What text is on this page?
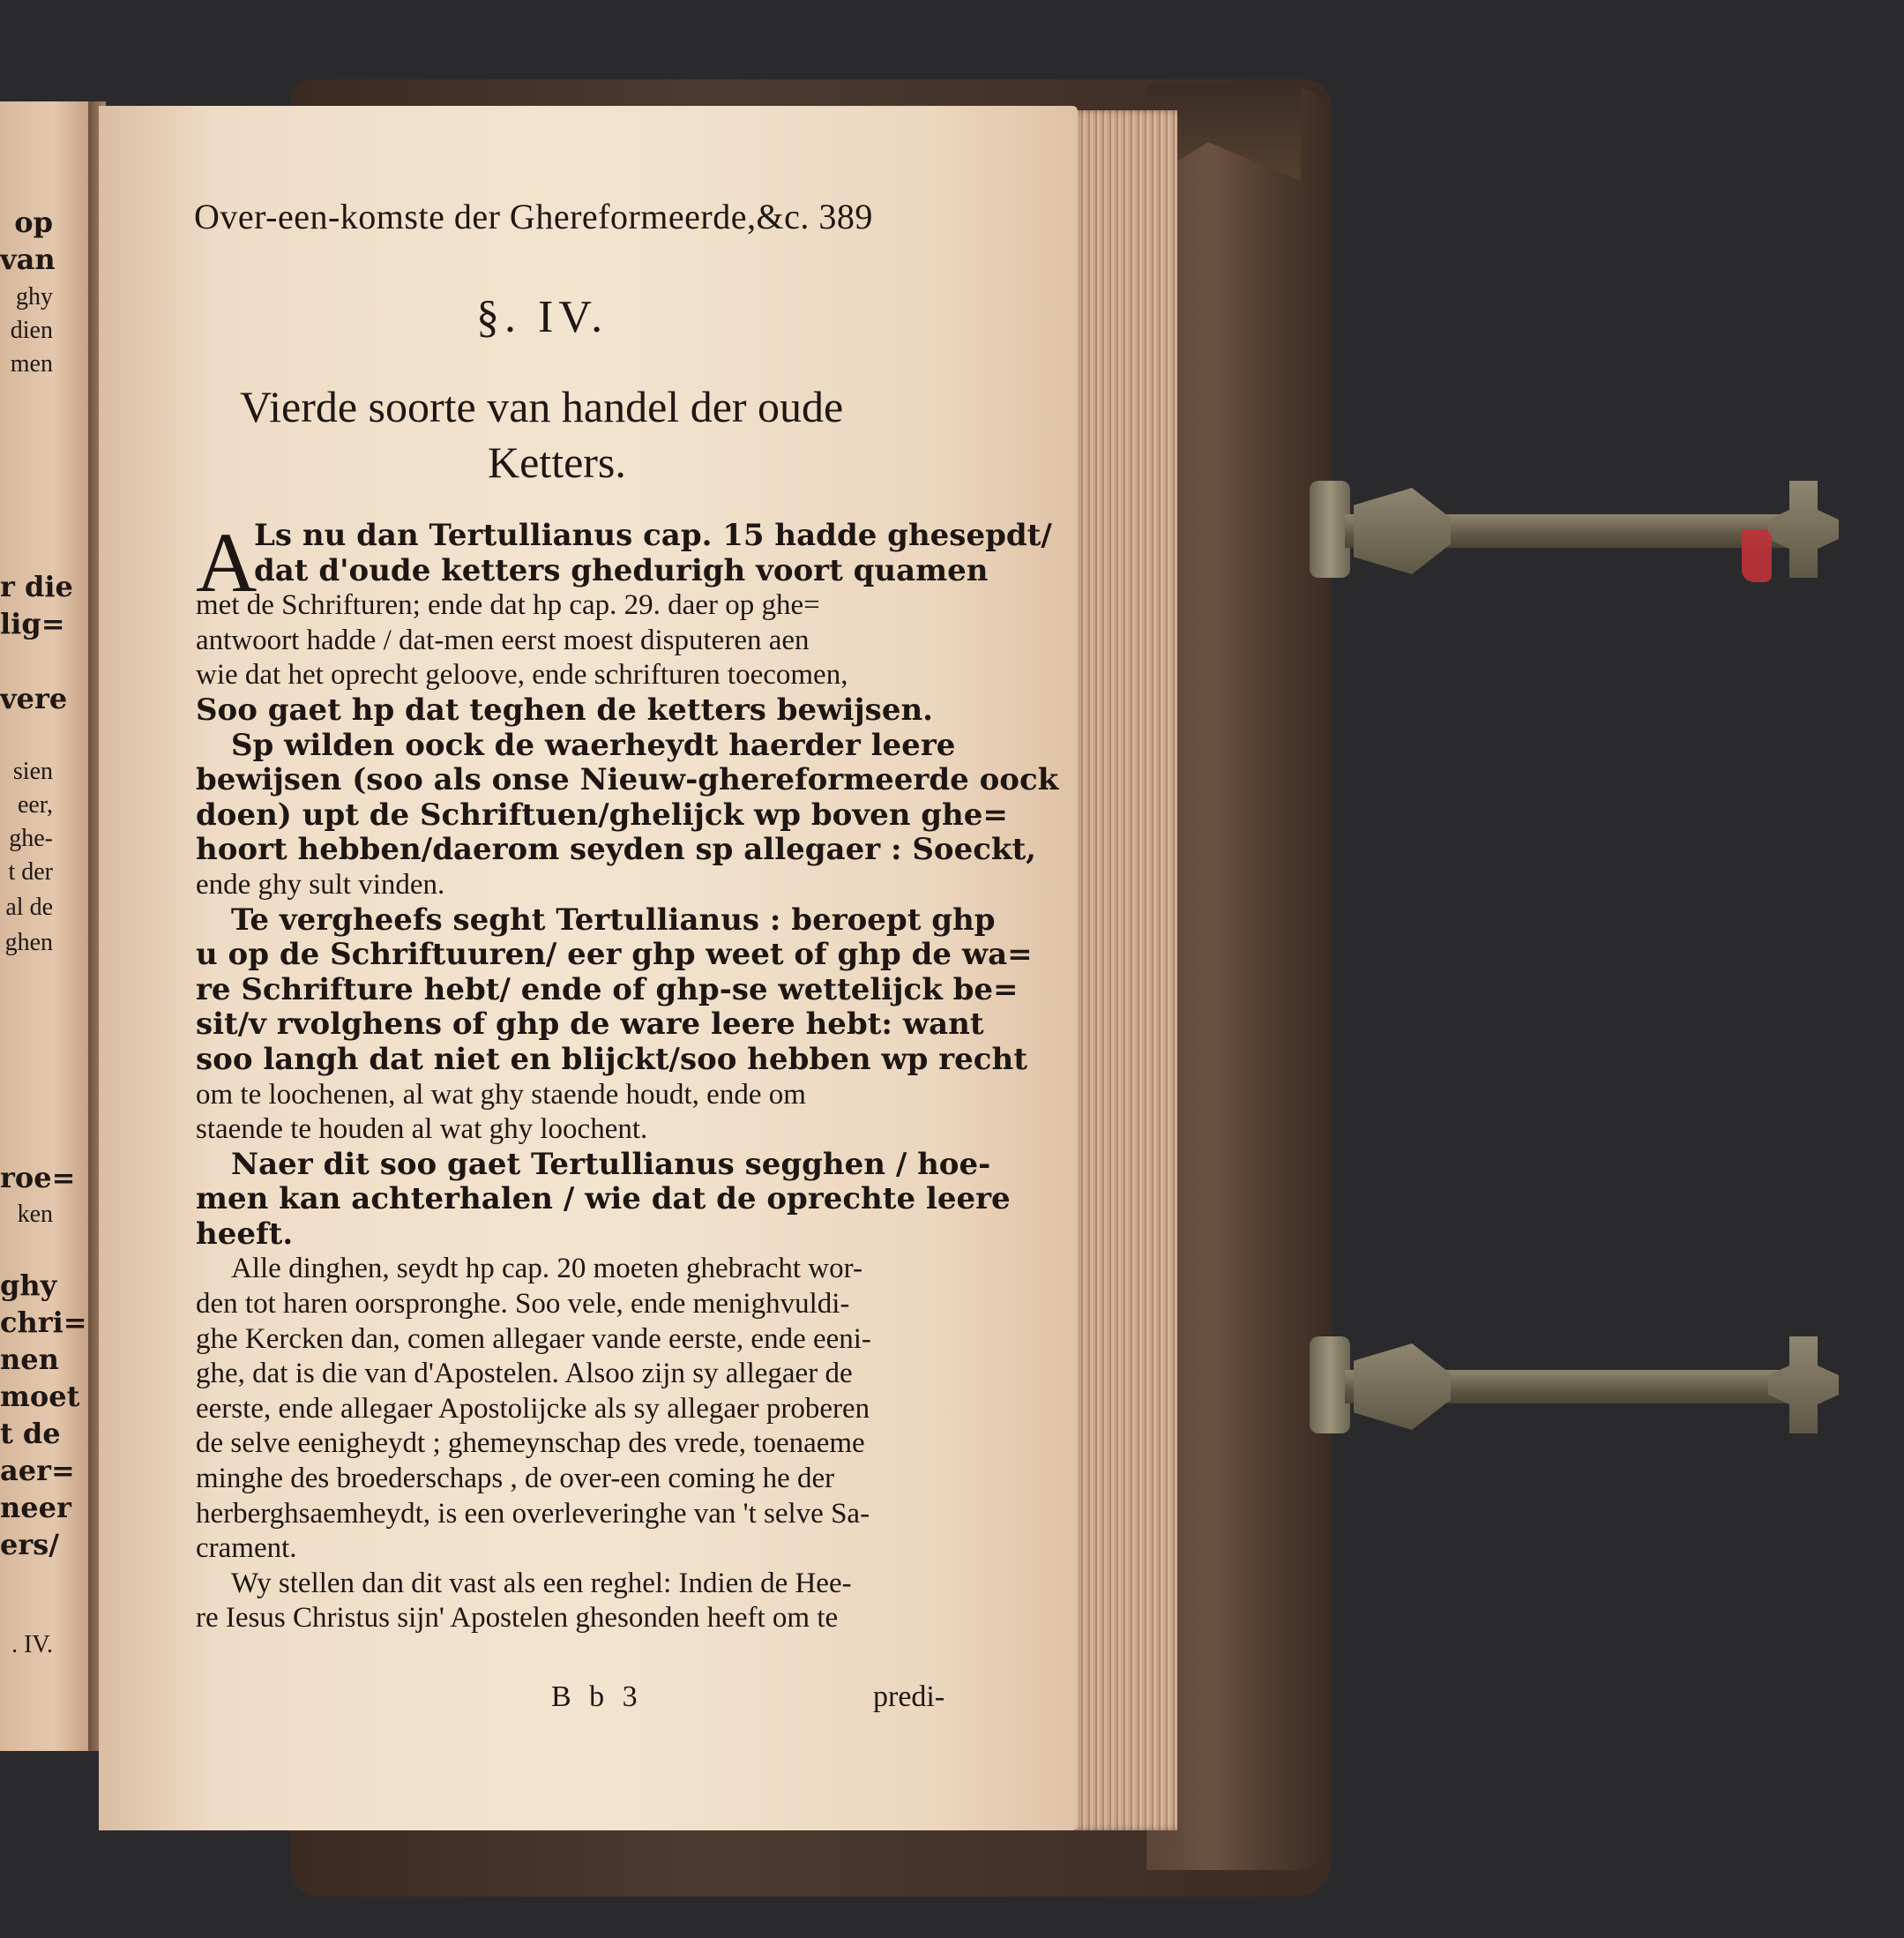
op
van
ghy
dien
men
r die
lig=
vere
sien
eer,
ghe-
t der
al de
ghen
roe=
ken
ghy
chri=
nen
moet
t de
aer=
neer
ers/
. IV.
Over-een-komste der Ghereformeerde,&c. 389
§. IV.
Vierde soorte van handel der oude
Ketters.
A
Ls nu dan Tertullianus cap. 15 hadde ghesepdt/
dat d'oude ketters ghedurigh voort quamen
met de Schrifturen; ende dat hp cap. 29. daer op ghe=
antwoort hadde / dat-men eerst moest disputeren aen
wie dat het oprecht geloove, ende schrifturen toecomen,
Soo gaet hp dat teghen de ketters bewijsen.
Sp wilden oock de waerheydt haerder leere
bewijsen (soo als onse Nieuw-ghereformeerde oock
doen) upt de Schriftuen/ghelijck wp boven ghe=
hoort hebben/daerom seyden sp allegaer : Soeckt,
ende ghy sult vinden.
Te vergheefs seght Tertullianus : beroept ghp
u op de Schriftuuren/ eer ghp weet of ghp de wa=
re Schrifture hebt/ ende of ghp-se wettelijck be=
sit/v rvolghens of ghp de ware leere hebt: want
soo langh dat niet en blijckt/soo hebben wp recht
om te loochenen, al wat ghy staende houdt, ende om
staende te houden al wat ghy loochent.
Naer dit soo gaet Tertullianus segghen / hoe-
men kan achterhalen / wie dat de oprechte leere
heeft.
Alle dinghen, seydt hp cap. 20 moeten ghebracht wor-
den tot haren oorspronghe. Soo vele, ende menighvuldi-
ghe Kercken dan, comen allegaer vande eerste, ende eeni-
ghe, dat is die van d'Apostelen. Alsoo zijn sy allegaer de
eerste, ende allegaer Apostolijcke als sy allegaer proberen
de selve eenigheydt ; ghemeynschap des vrede, toenaeme
minghe des broederschaps , de over-een coming he der
herberghsaemheydt, is een overleveringhe van 't selve Sa-
crament.
Wy stellen dan dit vast als een reghel: Indien de Hee-
re Iesus Christus sijn' Apostelen ghesonden heeft om te
B b 3	predi-
